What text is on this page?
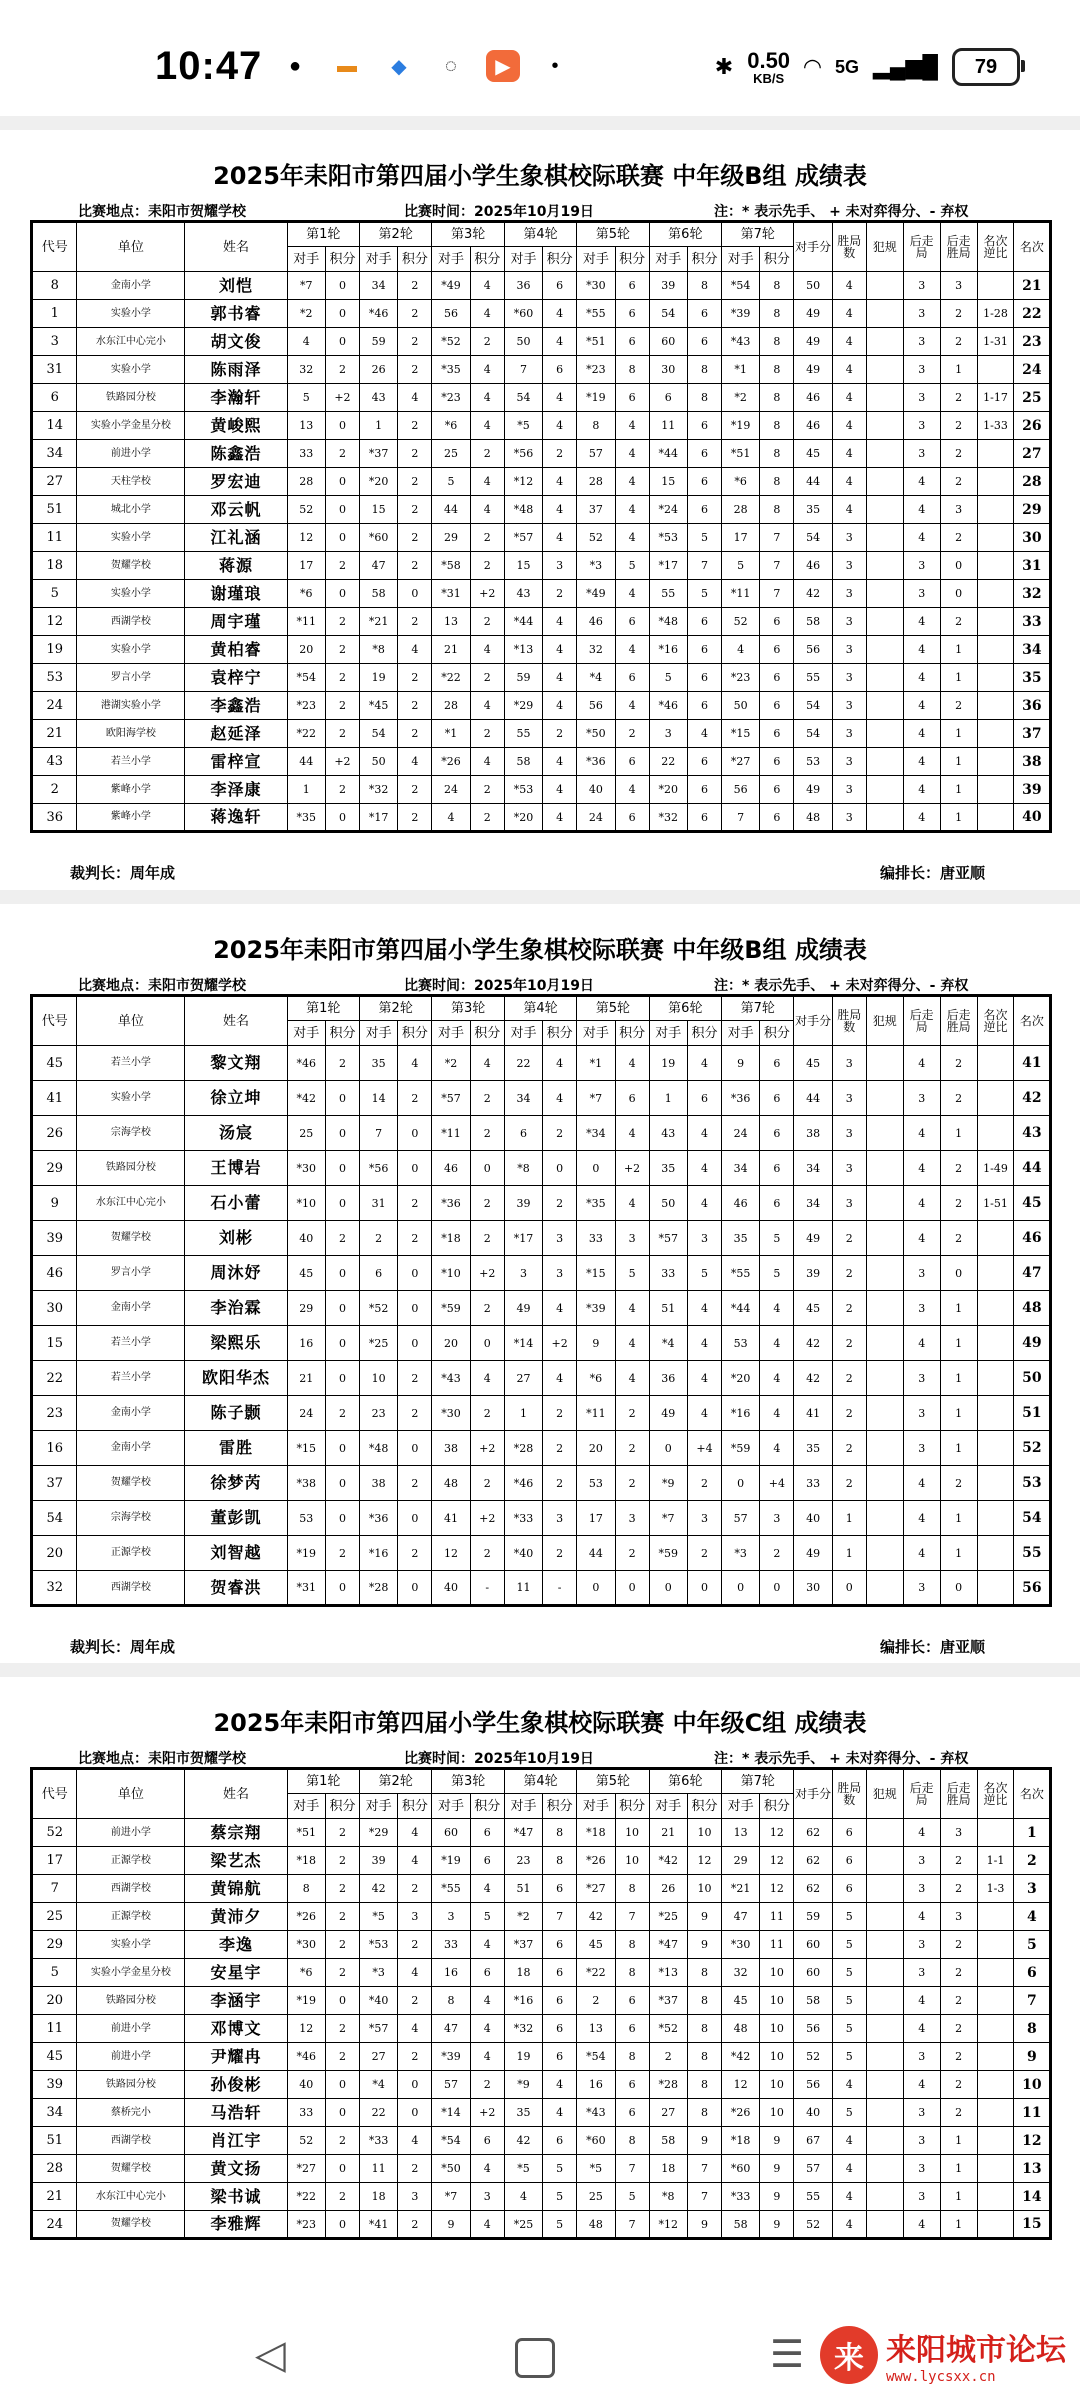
10:47	●	▬	◆	◌	▶	•	✱ 0.50
KB/S ◠ 5G ▂▄▆█ 79
2025年耒阳市第四届小学生象棋校际联赛 中年级B组 成绩表
比赛地点：耒阳市贺耀学校	比赛时间：2025年10月19日	注：* 表示先手、 + 未对弈得分、- 弃权
代号	单位	姓名	第1轮		第2轮		第3轮		第4轮		第5轮		第6轮		第7轮		对手分	胜局数	犯规	后走局	后走胜局	名次逆比	名次
			对手	积分	对手	积分	对手	积分	对手	积分	对手	积分	对手	积分	对手	积分							
8	金南小学	刘恺	*7	0	34	2	*49	4	36	6	*30	6	39	8	*54	8	50	4		3	3		21
1	实验小学	郭书睿	*2	0	*46	2	56	4	*60	4	*55	6	54	6	*39	8	49	4		3	2	1-28	22
3	水东江中心完小	胡文俊	4	0	59	2	*52	2	50	4	*51	6	60	6	*43	8	49	4		3	2	1-31	23
31	实验小学	陈雨泽	32	2	26	2	*35	4	7	6	*23	8	30	8	*1	8	49	4		3	1		24
6	铁路园分校	李瀚轩	5	+2	43	4	*23	4	54	4	*19	6	6	8	*2	8	46	4		3	2	1-17	25
14	实验小学金星分校	黄峻熙	13	0	1	2	*6	4	*5	4	8	4	11	6	*19	8	46	4		3	2	1-33	26
34	前进小学	陈鑫浩	33	2	*37	2	25	2	*56	2	57	4	*44	6	*51	8	45	4		3	2		27
27	天柱学校	罗宏迪	28	0	*20	2	5	4	*12	4	28	4	15	6	*6	8	44	4		4	2		28
51	城北小学	邓云帆	52	0	15	2	44	4	*48	4	37	4	*24	6	28	8	35	4		4	3		29
11	实验小学	江礼涵	12	0	*60	2	29	2	*57	4	52	4	*53	5	17	7	54	3		4	2		30
18	贺耀学校	蒋源	17	2	47	2	*58	2	15	3	*3	5	*17	7	5	7	46	3		3	0		31
5	实验小学	谢瑾琅	*6	0	58	0	*31	+2	43	2	*49	4	55	5	*11	7	42	3		3	0		32
12	西湖学校	周宇瑾	*11	2	*21	2	13	2	*44	4	46	6	*48	6	52	6	58	3		4	2		33
19	实验小学	黄柏睿	20	2	*8	4	21	4	*13	4	32	4	*16	6	4	6	56	3		4	1		34
53	罗言小学	袁梓宁	*54	2	19	2	*22	2	59	4	*4	6	5	6	*23	6	55	3		4	1		35
24	港湖实验小学	李鑫浩	*23	2	*45	2	28	4	*29	4	56	4	*46	6	50	6	54	3		4	2		36
21	欧阳海学校	赵延泽	*22	2	54	2	*1	2	55	2	*50	2	3	4	*15	6	54	3		4	1		37
43	若兰小学	雷梓宣	44	+2	50	4	*26	4	58	4	*36	6	22	6	*27	6	53	3		4	1		38
2	紫峰小学	李泽康	1	2	*32	2	24	2	*53	4	40	4	*20	6	56	6	49	3		4	1		39
36	紫峰小学	蒋逸轩	*35	0	*17	2	4	2	*20	4	24	6	*32	6	7	6	48	3		4	1		40
裁判长：周年成	编排长：唐亚顺
2025年耒阳市第四届小学生象棋校际联赛 中年级B组 成绩表
比赛地点：耒阳市贺耀学校	比赛时间：2025年10月19日	注：* 表示先手、 + 未对弈得分、- 弃权
代号	单位	姓名	第1轮		第2轮		第3轮		第4轮		第5轮		第6轮		第7轮		对手分	胜局数	犯规	后走局	后走胜局	名次逆比	名次
			对手	积分	对手	积分	对手	积分	对手	积分	对手	积分	对手	积分	对手	积分							
45	若兰小学	黎文翔	*46	2	35	4	*2	4	22	4	*1	4	19	4	9	6	45	3		4	2		41
41	实验小学	徐立坤	*42	0	14	2	*57	2	34	4	*7	6	1	6	*36	6	44	3		3	2		42
26	宗海学校	汤宸	25	0	7	0	*11	2	6	2	*34	4	43	4	24	6	38	3		4	1		43
29	铁路园分校	王博岩	*30	0	*56	0	46	0	*8	0	0	+2	35	4	34	6	34	3		4	2	1-49	44
9	水东江中心完小	石小蕾	*10	0	31	2	*36	2	39	2	*35	4	50	4	46	6	34	3		4	2	1-51	45
39	贺耀学校	刘彬	40	2	2	2	*18	2	*17	3	33	3	*57	3	35	5	49	2		4	2		46
46	罗言小学	周沐妤	45	0	6	0	*10	+2	3	3	*15	5	33	5	*55	5	39	2		3	0		47
30	金南小学	李治霖	29	0	*52	0	*59	2	49	4	*39	4	51	4	*44	4	45	2		3	1		48
15	若兰小学	梁熙乐	16	0	*25	0	20	0	*14	+2	9	4	*4	4	53	4	42	2		4	1		49
22	若兰小学	欧阳华杰	21	0	10	2	*43	4	27	4	*6	4	36	4	*20	4	42	2		3	1		50
23	金南小学	陈子颢	24	2	23	2	*30	2	1	2	*11	2	49	4	*16	4	41	2		3	1		51
16	金南小学	雷胜	*15	0	*48	0	38	+2	*28	2	20	2	0	+4	*59	4	35	2		3	1		52
37	贺耀学校	徐梦芮	*38	0	38	2	48	2	*46	2	53	2	*9	2	0	+4	33	2		4	2		53
54	宗海学校	董彭凯	53	0	*36	0	41	+2	*33	3	17	3	*7	3	57	3	40	1		4	1		54
20	正源学校	刘智越	*19	2	*16	2	12	2	*40	2	44	2	*59	2	*3	2	49	1		4	1		55
32	西湖学校	贺睿洪	*31	0	*28	0	40	-	11	-	0	0	0	0	0	0	30	0		3	0		56
裁判长：周年成	编排长：唐亚顺
2025年耒阳市第四届小学生象棋校际联赛 中年级C组 成绩表
比赛地点：耒阳市贺耀学校	比赛时间：2025年10月19日	注：* 表示先手、 + 未对弈得分、- 弃权
代号	单位	姓名	第1轮		第2轮		第3轮		第4轮		第5轮		第6轮		第7轮		对手分	胜局数	犯规	后走局	后走胜局	名次逆比	名次
			对手	积分	对手	积分	对手	积分	对手	积分	对手	积分	对手	积分	对手	积分							
52	前进小学	蔡宗翔	*51	2	*29	4	60	6	*47	8	*18	10	21	10	13	12	62	6		4	3		1
17	正源学校	梁艺杰	*18	2	39	4	*19	6	23	8	*26	10	*42	12	29	12	62	6		3	2	1-1	2
7	西湖学校	黄锦航	8	2	42	2	*55	4	51	6	*27	8	26	10	*21	12	62	6		3	2	1-3	3
25	正源学校	黄沛夕	*26	2	*5	3	3	5	*2	7	42	7	*25	9	47	11	59	5		4	3		4
29	实验小学	李逸	*30	2	*53	2	33	4	*37	6	45	8	*47	9	*30	11	60	5		3	2		5
5	实验小学金星分校	安星宇	*6	2	*3	4	16	6	18	6	*22	8	*13	8	32	10	60	5		3	2		6
20	铁路园分校	李涵宇	*19	0	*40	2	8	4	*16	6	2	6	*37	8	45	10	58	5		4	2		7
11	前进小学	邓博文	12	2	*57	4	47	4	*32	6	13	6	*52	8	48	10	56	5		4	2		8
45	前进小学	尹耀冉	*46	2	27	2	*39	4	19	6	*54	8	2	8	*42	10	52	5		3	2		9
39	铁路园分校	孙俊彬	40	0	*4	0	57	2	*9	4	16	6	*28	8	12	10	56	4		4	2		10
34	蔡桥完小	马浩轩	33	0	22	0	*14	+2	35	4	*43	6	27	8	*26	10	40	5		3	2		11
51	西湖学校	肖江宇	52	2	*33	4	*54	6	42	6	*60	8	58	9	*18	9	67	4		3	1		12
28	贺耀学校	黄文扬	*27	0	11	2	*50	4	*5	5	*5	7	18	7	*60	9	57	4		3	1		13
21	水东江中心完小	梁书诚	*22	2	18	3	*7	3	4	5	25	5	*8	7	*33	9	55	4		3	1		14
24	贺耀学校	李雅辉	*23	0	*41	2	9	4	*25	5	48	7	*12	9	58	9	52	4		4	1		15
◁	☰ 来 来阳城市论坛
www.lycsxx.cn
